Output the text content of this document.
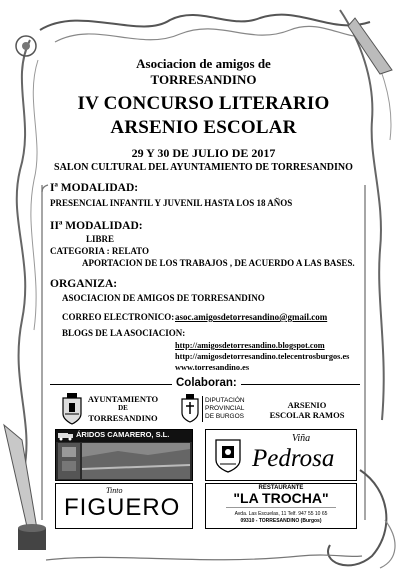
Asociacion de amigos de
TORRESANDINO
IV CONCURSO LITERARIO
ARSENIO ESCOLAR
29 Y 30 DE JULIO DE 2017
SALON CULTURAL DEL AYUNTAMIENTO DE TORRESANDINO
Iª MODALIDAD:
PRESENCIAL INFANTIL Y JUVENIL HASTA LOS 18 AÑOS
IIª MODALIDAD:
LIBRE
CATEGORIA : RELATO
APORTACION DE LOS TRABAJOS , DE ACUERDO A LAS BASES.
ORGANIZA:
ASOCIACION DE AMIGOS DE TORRESANDINO
CORREO ELECTRONICO: asoc.amigosdetorresandino@gmail.com
BLOGS DE LA ASOCIACION:
http://amigosdetorresandino.blogspot.com
http://amigosdetorresandino.telecentrosburgos.es
www.torresandino.es
Colaboran:
AYUNTAMIENTO
DE
TORRESANDINO
DIPUTACIÓN
PROVINCIAL
DE BURGOS
ARSENIO
ESCOLAR RAMOS
ÁRIDOS CAMARERO, S.L.	Viña
Pedrosa
Tinto
FIGUERO
RESTAURANTE
"LA TROCHA"
Avda. Las Escuelas, 11 Telf. 947 55 10 65
09310 - TORRESANDINO (Burgos)
